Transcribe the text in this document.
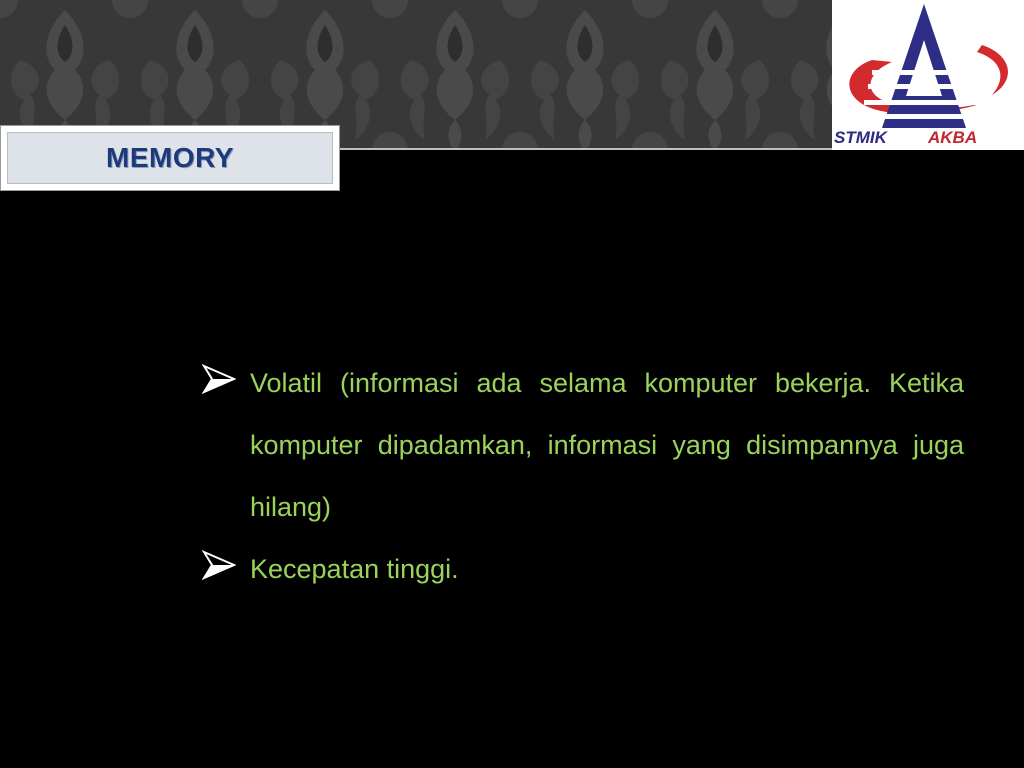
MEMORY
STMIK AKBA
Volatil (informasi ada selama komputer bekerja. Ketika komputer dipadamkan, informasi yang disimpannya juga hilang)
Kecepatan tinggi.
